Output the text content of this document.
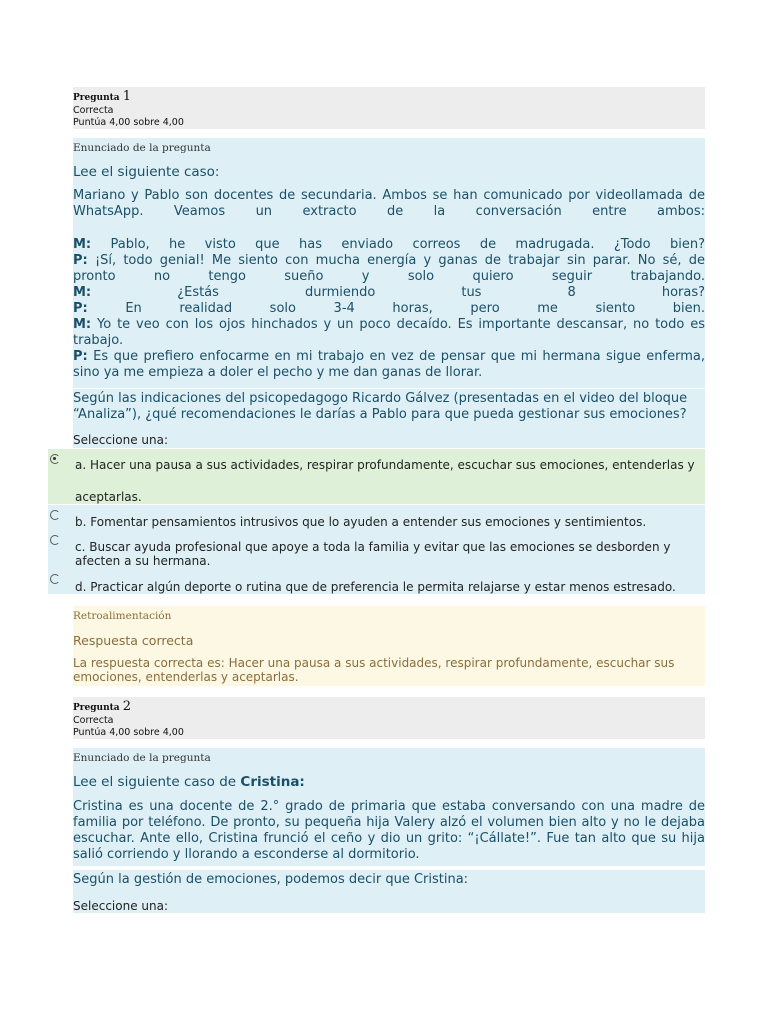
Pregunta 1
Correcta
Puntúa 4,00 sobre 4,00
Enunciado de la pregunta
Lee el siguiente caso:
Mariano y Pablo son docentes de secundaria. Ambos se han comunicado por videollamada de
WhatsApp. Veamos un extracto de la conversación entre ambos:
M: Pablo, he visto que has enviado correos de madrugada. ¿Todo bien?
P: ¡Sí, todo genial! Me siento con mucha energía y ganas de trabajar sin parar. No sé, de
pronto no tengo sueño y solo quiero seguir trabajando.
M:	¿Estás durmiendo tus 8 horas?
P:	En realidad solo 3-4 horas, pero me siento bien.
M: Yo te veo con los ojos hinchados y un poco decaído. Es importante descansar, no todo es
trabajo.
P: Es que prefiero enfocarme en mi trabajo en vez de pensar que mi hermana sigue enferma,
sino ya me empieza a doler el pecho y me dan ganas de llorar.
Según las indicaciones del psicopedagogo Ricardo Gálvez (presentadas en el video del bloque “Analiza”), ¿qué recomendaciones le darías a Pablo para que pueda gestionar sus emociones?
Seleccione una:
a. Hacer una pausa a sus actividades, respirar profundamente, escuchar sus emociones, entenderlas y
aceptarlas.
b. Fomentar pensamientos intrusivos que lo ayuden a entender sus emociones y sentimientos.
c. Buscar ayuda profesional que apoye a toda la familia y evitar que las emociones se desborden y afecten a su hermana.
d. Practicar algún deporte o rutina que de preferencia le permita relajarse y estar menos estresado.
Retroalimentación
Respuesta correcta
La respuesta correcta es: Hacer una pausa a sus actividades, respirar profundamente, escuchar sus emociones, entenderlas y aceptarlas.
Pregunta 2
Correcta
Puntúa 4,00 sobre 4,00
Enunciado de la pregunta
Lee el siguiente caso de Cristina:
Cristina es una docente de 2.° grado de primaria que estaba conversando con una madre de familia por teléfono. De pronto, su pequeña hija Valery alzó el volumen bien alto y no le dejaba escuchar. Ante ello, Cristina frunció el ceño y dio un grito: “¡Cállate!”. Fue tan alto que su hija salió corriendo y llorando a esconderse al dormitorio.
Según la gestión de emociones, podemos decir que Cristina:
Seleccione una:
